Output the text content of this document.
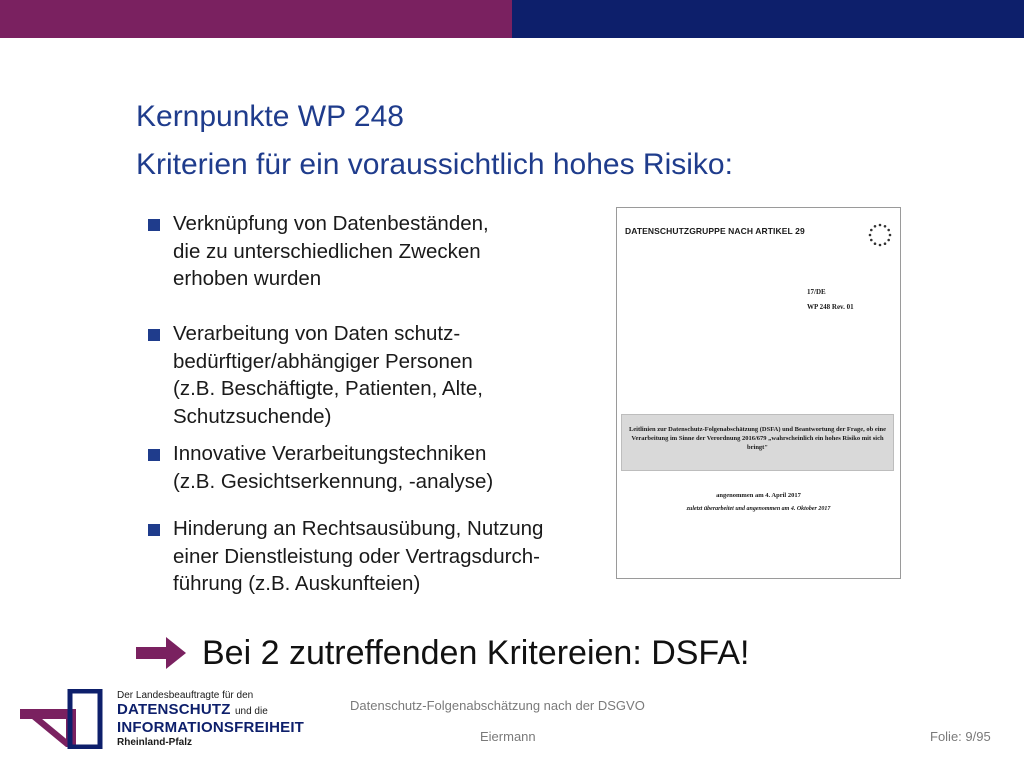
Kernpunkte WP 248
Kriterien für ein voraussichtlich hohes Risiko:
Verknüpfung von Datenbeständen,
die zu unterschiedlichen Zwecken
erhoben wurden
Verarbeitung von Daten schutz-
bedürftiger/abhängiger Personen
(z.B. Beschäftigte, Patienten, Alte,
Schutzsuchende)
Innovative Verarbeitungstechniken
(z.B. Gesichtserkennung, -analyse)
Hinderung an Rechtsausübung, Nutzung
einer Dienstleistung oder Vertragsdurch-
führung (z.B. Auskunfteien)
DATENSCHUTZGRUPPE NACH ARTIKEL 29
17/DE
WP 248 Rev. 01
Leitlinien zur Datenschutz-Folgenabschätzung (DSFA) und Beantwortung der Frage, ob eine Verarbeitung im Sinne der Verordnung 2016/679 „wahrscheinlich ein hohes Risiko mit sich bringt"
angenommen am 4. April 2017
zuletzt überarbeitet und angenommen am 4. Oktober 2017
Bei 2 zutreffenden Kritereien: DSFA!
Der Landesbeauftragte für den
DATENSCHUTZ und die
INFORMATIONSFREIHEIT
Rheinland-Pfalz
Datenschutz-Folgenabschätzung nach der DSGVO
Eiermann	Folie: 9/95
